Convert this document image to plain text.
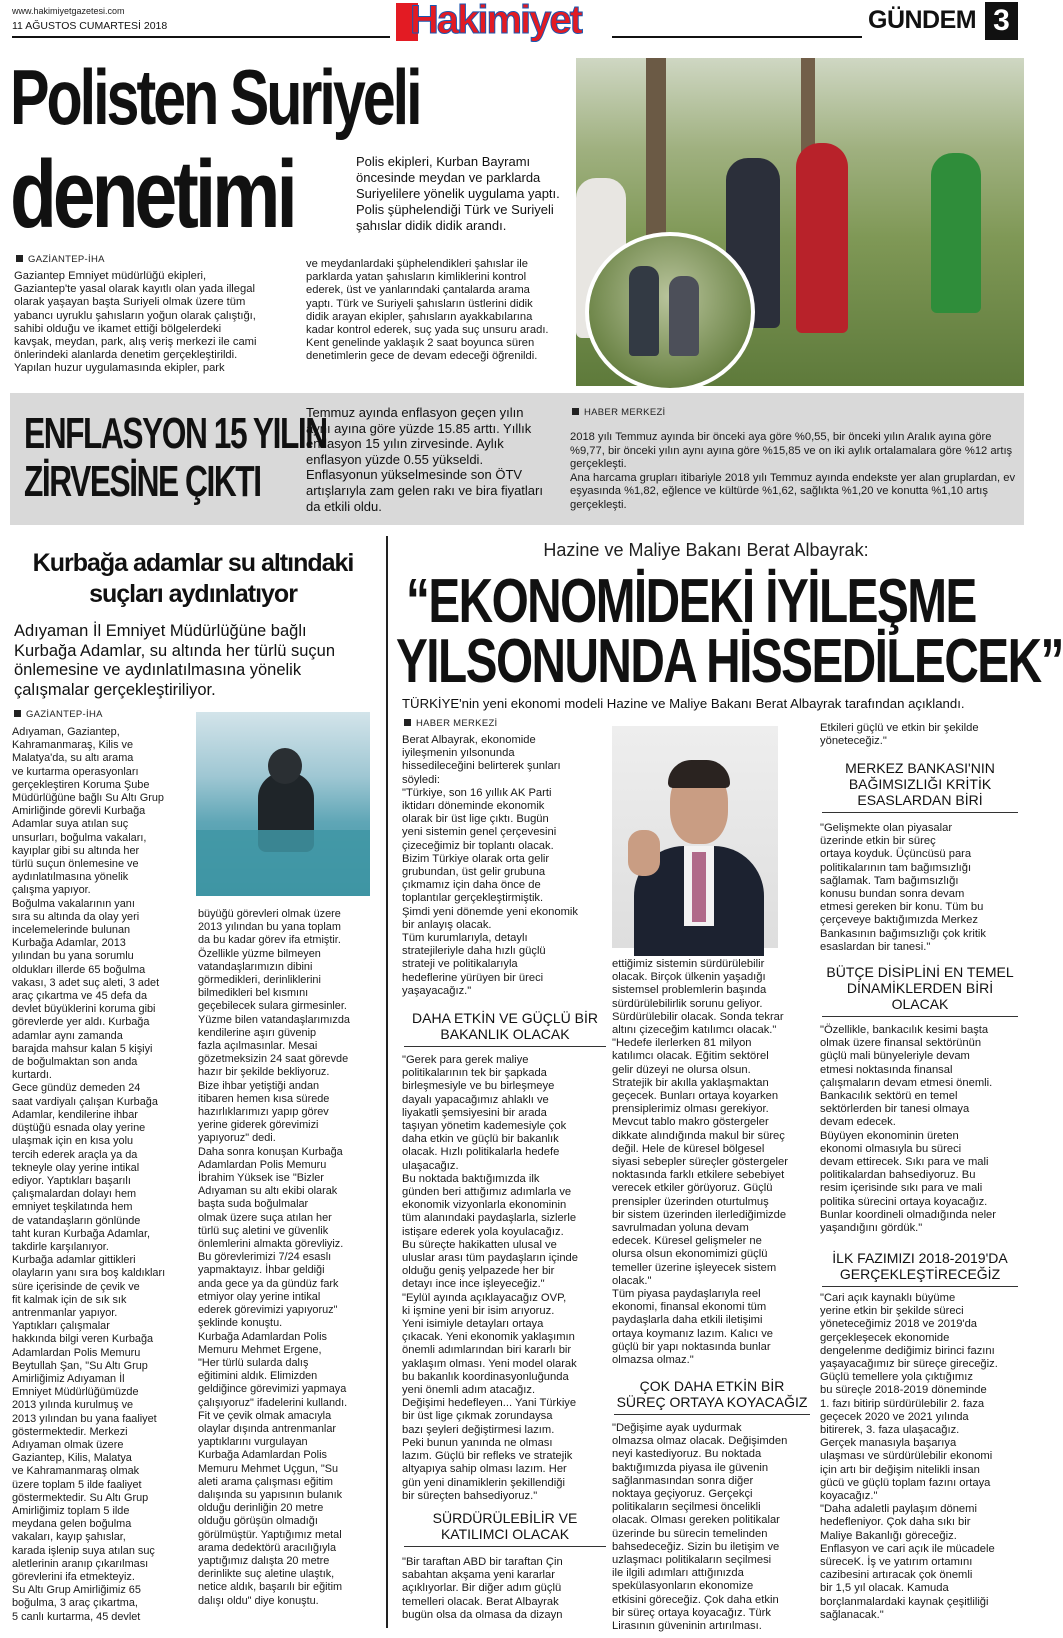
www.hakimiyetgazetesi.com
11 AĞUSTOS CUMARTESİ 2018	Hakimiyet	GÜNDEM 3
Polisten Suriyeli
denetimi	Polis ekipleri, Kurban Bayramı öncesinde meydan ve parklarda Suriyelilere yönelik uygulama yaptı. Polis şüphelendiği Türk ve Suriyeli şahıslar didik didik arandı.
GAZİANTEP-İHA
Gaziantep Emniyet müdürlüğü ekipleri,
Gaziantep'te yasal olarak kayıtlı olan yada illegal
olarak yaşayan başta Suriyeli olmak üzere tüm
yabancı uyruklu şahısların yoğun olarak çalıştığı,
sahibi olduğu ve ikamet ettiği bölgelerdeki
kavşak, meydan, park, alış veriş merkezi ile cami
önlerindeki alanlarda denetim gerçekleştirildi.
Yapılan huzur uygulamasında ekipler, park
ve meydanlardaki şüphelendikleri şahıslar ile
parklarda yatan şahısların kimliklerini kontrol
ederek, üst ve yanlarındaki çantalarda arama
yaptı. Türk ve Suriyeli şahısların üstlerini didik
didik arayan ekipler, şahısların ayakkabılarına
kadar kontrol ederek, suç yada suç unsuru aradı.
Kent genelinde yaklaşık 2 saat boyunca süren
denetimlerin gece de devam edeceği öğrenildi.
ENFLASYON 15 YILIN
ZİRVESİNE ÇIKTI
Temmuz ayında enflasyon geçen yılın aynı ayına göre yüzde 15.85 arttı. Yıllık enflasyon 15 yılın zirvesinde. Aylık enflasyon yüzde 0.55 yükseldi. Enflasyonun yükselmesinde son ÖTV artışlarıyla zam gelen rakı ve bira fiyatları da etkili oldu.
HABER MERKEZİ
2018 yılı Temmuz ayında bir önceki aya göre %0,55, bir önceki yılın Aralık ayına göre %9,77, bir önceki yılın aynı ayına göre %15,85 ve on iki aylık ortalamalara göre %12 artış gerçekleşti.
Ana harcama grupları itibariyle 2018 yılı Temmuz ayında endekste yer alan gruplardan, ev eşyasında %1,82, eğlence ve kültürde %1,62, sağlıkta %1,20 ve konutta %1,10 artış gerçekleşti.
Kurbağa adamlar su altındaki
suçları aydınlatıyor
Adıyaman İl Emniyet Müdürlüğüne bağlı Kurbağa Adamlar, su altında her türlü suçun önlemesine ve aydınlatılmasına yönelik çalışmalar gerçekleştiriliyor.
GAZİANTEP-İHA
Adıyaman, Gaziantep,
Kahramanmaraş, Kilis ve
Malatya'da, su altı arama
ve kurtarma operasyonları
gerçekleştiren Koruma Şube
Müdürlüğüne bağlı Su Altı Grup
Amirliğinde görevli Kurbağa
Adamlar suya atılan suç
unsurları, boğulma vakaları,
kayıplar gibi su altında her
türlü suçun önlemesine ve
aydınlatılmasına yönelik
çalışma yapıyor.
Boğulma vakalarının yanı
sıra su altında da olay yeri
incelemelerinde bulunan
Kurbağa Adamlar, 2013
yılından bu yana sorumlu
oldukları illerde 65 boğulma
vakası, 3 adet suç aleti, 3 adet
araç çıkartma ve 45 defa da
devlet büyüklerini koruma gibi
görevlerde yer aldı. Kurbağa
adamlar aynı zamanda
barajda mahsur kalan 5 kişiyi
de boğulmaktan son anda
kurtardı.
Gece gündüz demeden 24
saat vardiyalı çalışan Kurbağa
Adamlar, kendilerine ihbar
düştüğü esnada olay yerine
ulaşmak için en kısa yolu
tercih ederek araçla ya da
tekneyle olay yerine intikal
ediyor. Yaptıkları başarılı
çalışmalardan dolayı hem
emniyet teşkilatında hem
de vatandaşların gönlünde
taht kuran Kurbağa Adamlar,
takdirle karşılanıyor.
Kurbağa adamlar gittikleri
olayların yanı sıra boş kaldıkları
süre içerisinde de çevik ve
fit kalmak için de sık sık
antrenmanlar yapıyor.
Yaptıkları çalışmalar
hakkında bilgi veren Kurbağa
Adamlardan Polis Memuru
Beytullah Şan, "Su Altı Grup
Amirliğimiz Adıyaman İl
Emniyet Müdürlüğümüzde
2013 yılında kurulmuş ve
2013 yılından bu yana faaliyet
göstermektedir. Merkezi
Adıyaman olmak üzere
Gaziantep, Kilis, Malatya
ve Kahramanmaraş olmak
üzere toplam 5 ilde faaliyet
göstermektedir. Su Altı Grup
Amirliğimiz toplam 5 ilde
meydana gelen boğulma
vakaları, kayıp şahıslar,
karada işlenip suya atılan suç
aletlerinin aranıp çıkarılması
görevlerini ifa etmekteyiz.
Su Altı Grup Amirliğimiz 65
boğulma, 3 araç çıkartma,
5 canlı kurtarma, 45 devlet
büyüğü görevleri olmak üzere
2013 yılından bu yana toplam
da bu kadar görev ifa etmiştir.
Özellikle yüzme bilmeyen
vatandaşlarımızın dibini
görmedikleri, derinliklerini
bilmedikleri bel kısmını
geçebilecek sulara girmesinler.
Yüzme bilen vatandaşlarımızda
kendilerine aşırı güvenip
fazla açılmasınlar. Mesai
gözetmeksizin 24 saat görevde
hazır bir şekilde bekliyoruz.
Bize ihbar yetiştiği andan
itibaren hemen kısa sürede
hazırlıklarımızı yapıp görev
yerine giderek görevimizi
yapıyoruz" dedi.
Daha sonra konuşan Kurbağa
Adamlardan Polis Memuru
İbrahim Yüksek ise "Bizler
Adıyaman su altı ekibi olarak
başta suda boğulmalar
olmak üzere suça atılan her
türlü suç aletini ve güvenlik
önlemlerini almakta görevliyiz.
Bu görevlerimizi 7/24 esaslı
yapmaktayız. İhbar geldiği
anda gece ya da gündüz fark
etmiyor olay yerine intikal
ederek görevimizi yapıyoruz"
şeklinde konuştu.
Kurbağa Adamlardan Polis
Memuru Mehmet Ergene,
"Her türlü sularda dalış
eğitimini aldık. Elimizden
geldiğince görevimizi yapmaya
çalışıyoruz" ifadelerini kullandı.
Fit ve çevik olmak amacıyla
olaylar dışında antrenmanlar
yaptıklarını vurgulayan
Kurbağa Adamlardan Polis
Memuru Mehmet Uçgun, "Su
aleti arama çalışması eğitim
dalışında su yapısının bulanık
olduğu derinliğin 20 metre
olduğu görüşün olmadığı
görülmüştür. Yaptığımız metal
arama dedektörü aracılığıyla
yaptığımız dalışta 20 metre
derinlikte suç aletine ulaştık,
netice aldık, başarılı bir eğitim
dalışı oldu" diye konuştu.
Hazine ve Maliye Bakanı Berat Albayrak:
“EKONOMİDEKİ İYİLEŞME
YILSONUNDA HİSSEDİLECEK”
TÜRKİYE'nin yeni ekonomi modeli Hazine ve Maliye Bakanı Berat Albayrak tarafından açıklandı.
HABER MERKEZİ
Berat Albayrak, ekonomide
iyileşmenin yılsonunda
hissedileceğini belirterek şunları
söyledi:
"Türkiye, son 16 yıllık AK Parti
iktidarı döneminde ekonomik
olarak bir üst lige çıktı. Bugün
yeni sistemin genel çerçevesini
çizeceğimiz bir toplantı olacak.
Bizim Türkiye olarak orta gelir
grubundan, üst gelir grubuna
çıkmamız için daha önce de
toplantılar gerçekleştirmiştik.
Şimdi yeni dönemde yeni ekonomik
bir anlayış olacak.
Tüm kurumlarıyla, detaylı
stratejileriyle daha hızlı güçlü
strateji ve politikalarıyla
hedeflerine yürüyen bir üreci
yaşayacağız."
DAHA ETKİN VE GÜÇLÜ BİR BAKANLIK OLACAK
"Gerek para gerek maliye
politikalarının tek bir şapkada
birleşmesiyle ve bu birleşmeye
dayalı yapacağımız ahlaklı ve
liyakatli şemsiyesini bir arada
taşıyan yönetim kademesiyle çok
daha etkin ve güçlü bir bakanlık
olacak. Hızlı politikalarla hedefe
ulaşacağız.
Bu noktada baktığımızda ilk
günden beri attığımız adımlarla ve
ekonomik vizyonlarla ekonominin
tüm alanındaki paydaşlarla, sizlerle
istişare ederek yola koyulacağız.
Bu süreçte hakikatten ulusal ve
uluslar arası tüm paydaşların içinde
olduğu geniş yelpazede her bir
detayı ince ince işleyeceğiz."
"Eylül ayında açıklayacağız OVP,
ki işmine yeni bir isim arıyoruz.
Yeni isimiyle detayları ortaya
çıkacak. Yeni ekonomik yaklaşımın
önemli adımlarından biri kararlı bir
yaklaşım olması. Yeni model olarak
bu bakanlık koordinasyonluğunda
yeni önemli adım atacağız.
Değişimi hedefleyen... Yani Türkiye
bir üst lige çıkmak zorundaysa
bazı şeyleri değiştirmesi lazım.
Peki bunun yanında ne olması
lazım. Güçlü bir refleks ve stratejik
altyapıya sahip olması lazım. Her
gün yeni dinamiklerin şekillendiği
bir süreçten bahsediyoruz."
SÜRDÜRÜLEBİLİR VE KATILIMCI OLACAK
"Bir taraftan ABD bir taraftan Çin
sabahtan akşama yeni kararlar
açıklıyorlar. Bir diğer adım güçlü
temelleri olacak. Berat Albayrak
bugün olsa da olmasa da dizayn
ettiğimiz sistemin sürdürülebilir
olacak. Birçok ülkenin yaşadığı
sistemsel problemlerin başında
sürdürülebilirlik sorunu geliyor.
Sürdürülebilir olacak. Sonda tekrar
altını çizeceğim katılımcı olacak."
"Hedefe ilerlerken 81 milyon
katılımcı olacak. Eğitim sektörel
gelir düzeyi ne olursa olsun.
Stratejik bir akılla yaklaşmaktan
geçecek. Bunları ortaya koyarken
prensiplerimiz olması gerekiyor.
Mevcut tablo makro göstergeler
dikkate alındığında makul bir süreç
değil. Hele de küresel bölgesel
siyasi sebepler süreçler göstergeler
noktasında farklı etkilere sebebiyet
verecek etkiler görüyoruz. Güçlü
prensipler üzerinden oturtulmuş
bir sistem üzerinden ilerlediğimizde
savrulmadan yoluna devam
edecek. Küresel gelişmeler ne
olursa olsun ekonomimizi güçlü
temeller üzerine işleyecek sistem
olacak."
Tüm piyasa paydaşlarıyla reel
ekonomi, finansal ekonomi tüm
paydaşlarla daha etkili iletişimi
ortaya koymanız lazım. Kalıcı ve
güçlü bir yapı noktasında bunlar
olmazsa olmaz."
ÇOK DAHA ETKİN BİR SÜREÇ ORTAYA KOYACAĞIZ
"Değişime ayak uydurmak
olmazsa olmaz olacak. Değişimden
neyi kastediyoruz. Bu noktada
baktığımızda piyasa ile güvenin
sağlanmasından sonra diğer
noktaya geçiyoruz. Gerçekçi
politikaların seçilmesi öncelikli
olacak. Olması gereken politikalar
üzerinde bu sürecin temelinden
bahsedeceğiz. Sizin bu iletişim ve
uzlaşmacı politikaların seçilmesi
ile ilgili adımları attığınızda
spekülasyonların ekonomize
etkisini göreceğiz. Çok daha etkin
bir süreç ortaya koyacağız. Türk
Lirasının güveninin artırılması.
Etkileri güçlü ve etkin bir şekilde
yöneteceğiz."
MERKEZ BANKASI'NIN BAĞIMSIZLIĞI KRİTİK ESASLARDAN BİRİ
"Gelişmekte olan piyasalar
üzerinde etkin bir süreç
ortaya koyduk. Üçüncüsü para
politikalarının tam bağımsızlığı
sağlamak. Tam bağımsızlığı
konusu bundan sonra devam
etmesi gereken bir konu. Tüm bu
çerçeveye baktığımızda Merkez
Bankasının bağımsızlığı çok kritik
esaslardan bir tanesi."
BÜTÇE DİSİPLİNİ EN TEMEL DİNAMİKLERDEN BİRİ OLACAK
"Özellikle, bankacılık kesimi başta
olmak üzere finansal sektörünün
güçlü mali bünyeleriyle devam
etmesi noktasında finansal
çalışmaların devam etmesi önemli.
Bankacılık sektörü en temel
sektörlerden bir tanesi olmaya
devam edecek.
Büyüyen ekonominin üreten
ekonomi olmasıyla bu süreci
devam ettirecek. Sıkı para ve mali
politikalardan bahsediyoruz. Bu
resim içerisinde sıkı para ve mali
politika sürecini ortaya koyacağız.
Bunlar koordineli olmadığında neler
yaşandığını gördük."
İLK FAZIMIZI 2018-2019'DA GERÇEKLEŞTİRECEĞİZ
"Cari açık kaynaklı büyüme
yerine etkin bir şekilde süreci
yöneteceğimiz 2018 ve 2019'da
gerçekleşecek ekonomide
dengelenme dediğimiz birinci fazını
yaşayacağımız bir süreçe gireceğiz.
Güçlü temellere yola çıktığımız
bu süreçle 2018-2019 döneminde
1. fazı bitirip sürdürülebilir 2. faza
geçecek 2020 ve 2021 yılında
bitirerek, 3. faza ulaşacağız.
Gerçek manasıyla başarıya
ulaşması ve sürdürülebilir ekonomi
için artı bir değişim nitelikli insan
gücü ve güçlü toplam fazını ortaya
koyacağız."
"Daha adaletli paylaşım dönemi
hedefleniyor. Çok daha sıkı bir
Maliye Bakanlığı göreceğiz.
Enflasyon ve cari açık ile mücadele
süreceK. İş ve yatırım ortamını
cazibesini artıracak çok önemli
bir 1,5 yıl olacak. Kamuda
borçlanmalardaki kaynak çeşitliliği
sağlanacak."
